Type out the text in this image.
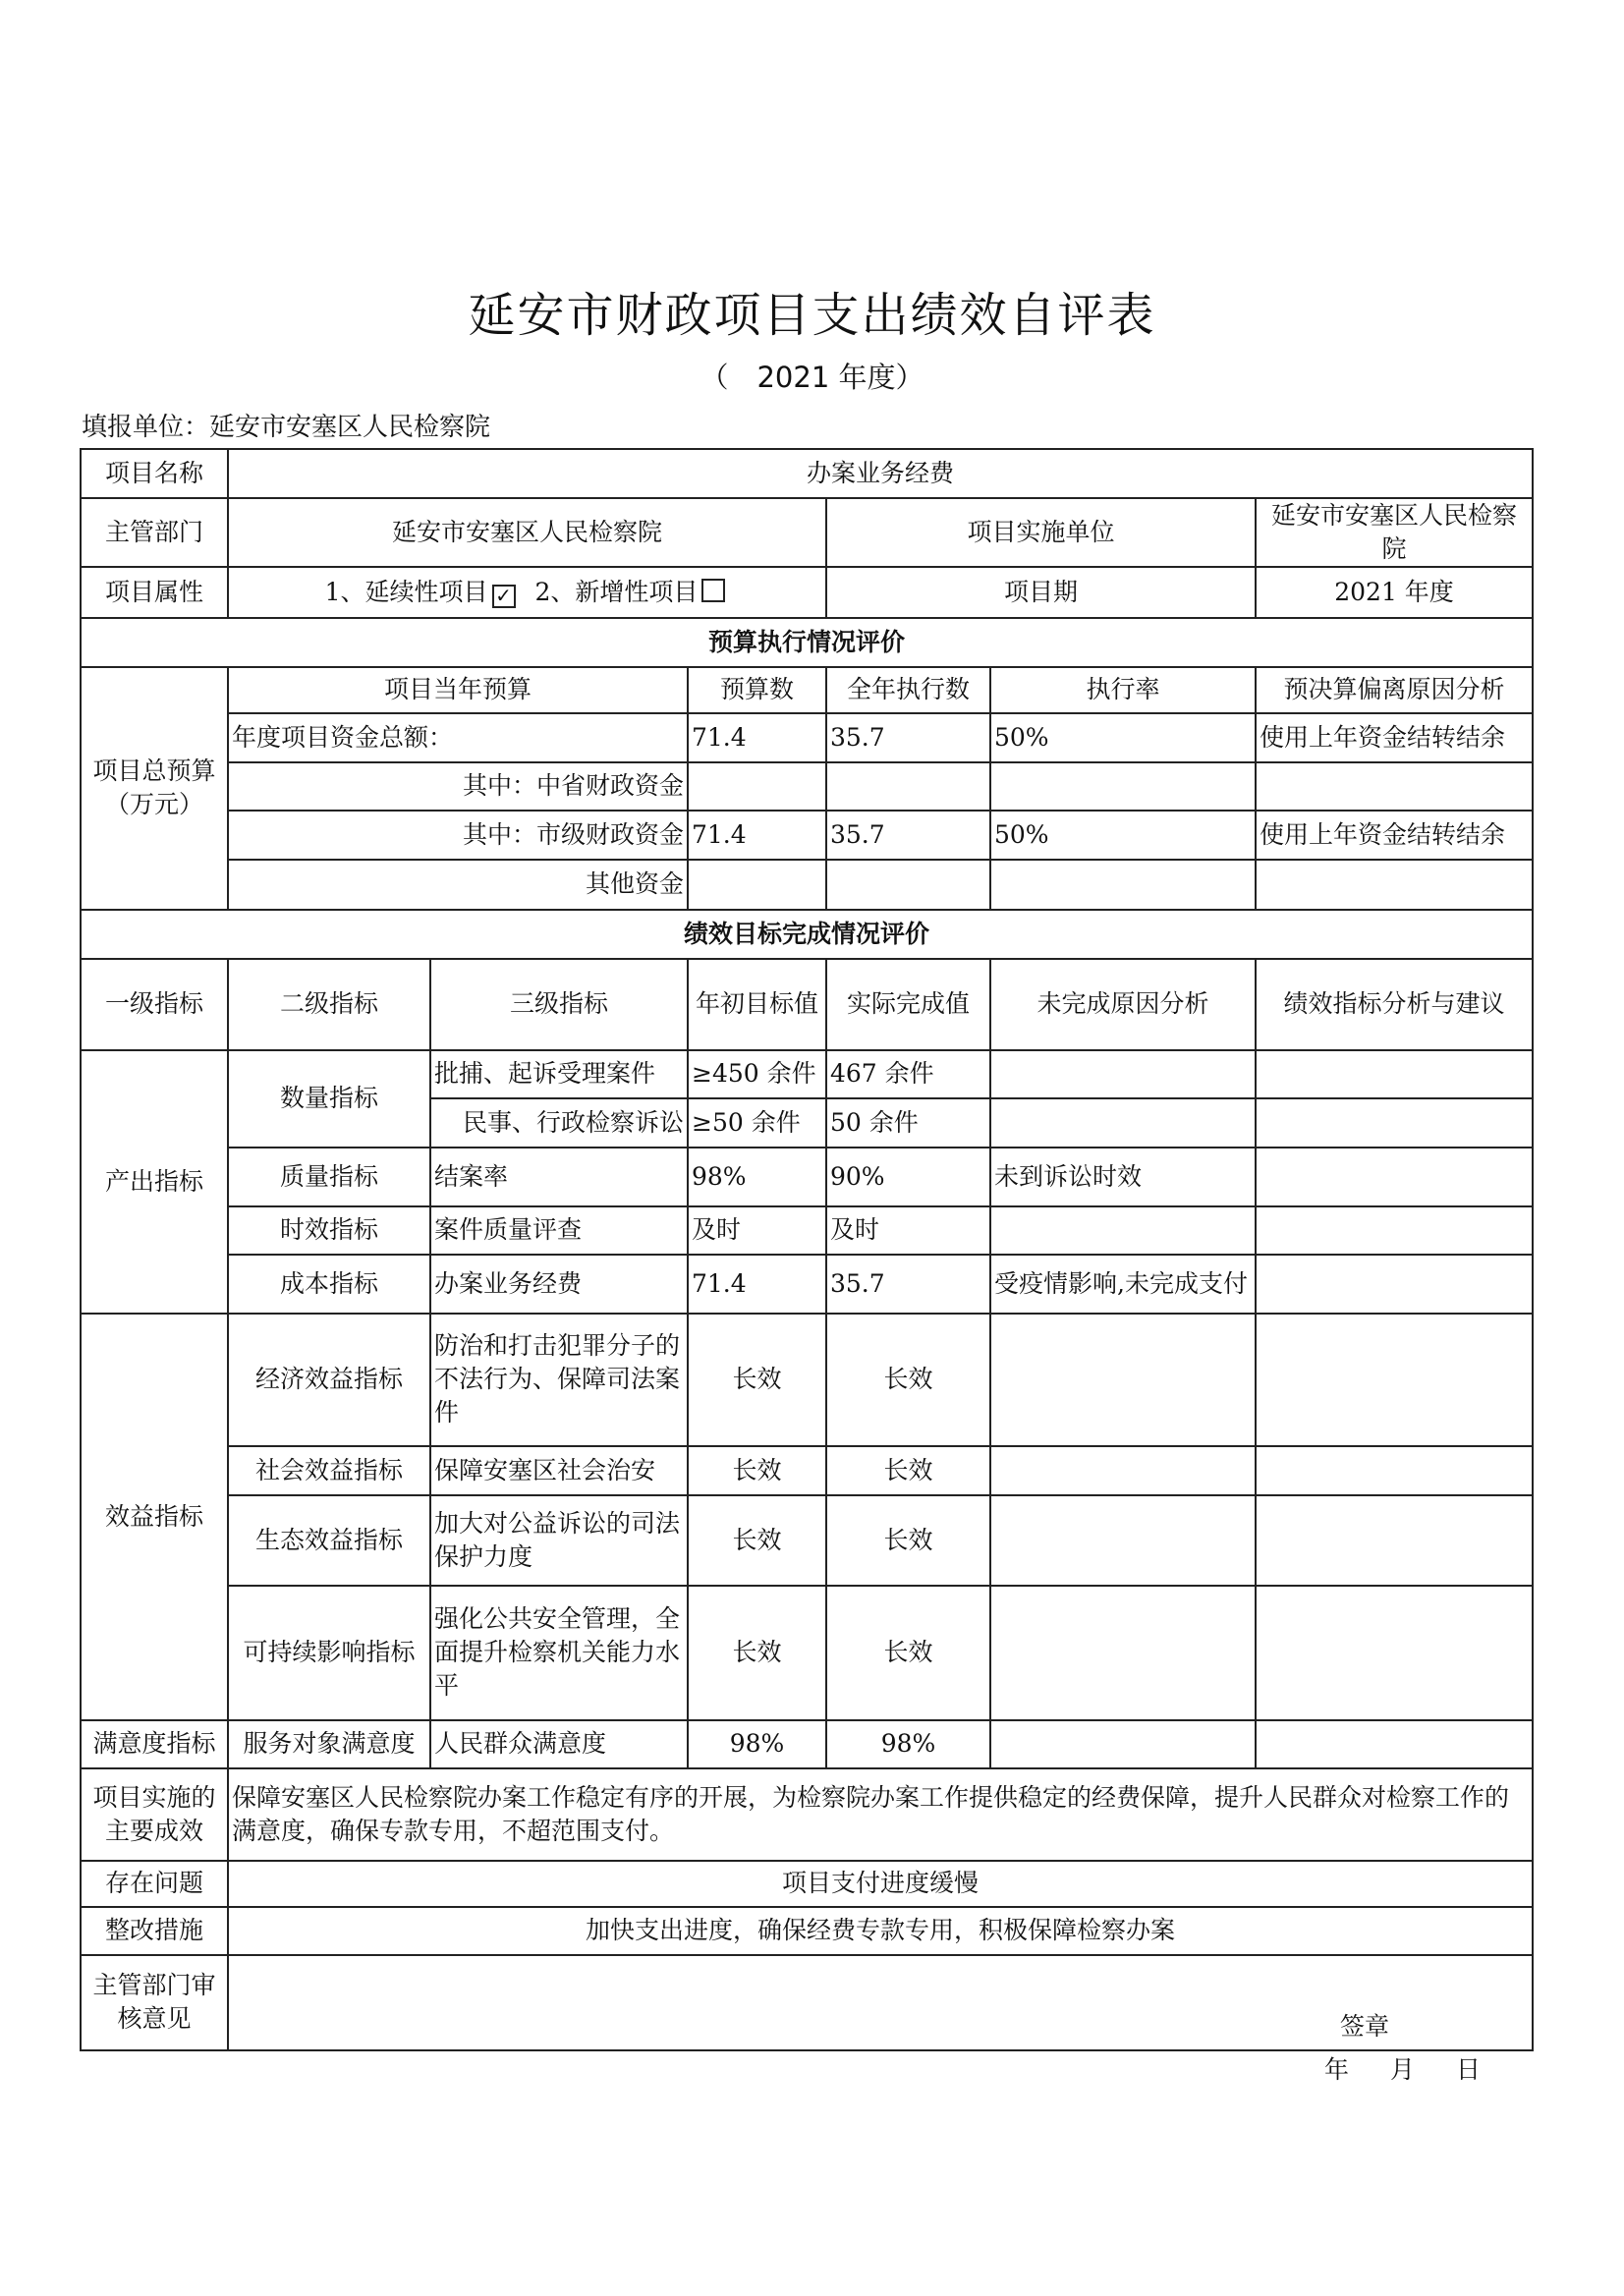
延安市财政项目支出绩效自评表
（　2021 年度）
填报单位：延安市安塞区人民检察院
项目名称	办案业务经费					
主管部门	延安市安塞区人民检察院			项目实施单位		延安市安塞区人民检察院
项目属性	1、延续性项目 ✓ 2、新增性项目			项目期		2021 年度
预算执行情况评价						
项目总预算（万元）	项目当年预算		预算数	全年执行数	执行率	预决算偏离原因分析
	年度项目资金总额：		71.4	35.7	50%	使用上年资金结转结余
	其中：中省财政资金					
	其中：市级财政资金		71.4	35.7	50%	使用上年资金结转结余
	其他资金					
绩效目标完成情况评价						
一级指标	二级指标	三级指标	年初目标值	实际完成值	未完成原因分析	绩效指标分析与建议
产出指标	数量指标	批捕、起诉受理案件	≥450 余件	467 余件		
		民事、行政检察诉讼	≥50 余件	50 余件		
	质量指标	结案率	98%	90%	未到诉讼时效	
	时效指标	案件质量评查	及时	及时		
	成本指标	办案业务经费	71.4	35.7	受疫情影响,未完成支付	
效益指标	经济效益指标	防治和打击犯罪分子的不法行为、保障司法案件	长效	长效		
	社会效益指标	保障安塞区社会治安	长效	长效		
	生态效益指标	加大对公益诉讼的司法保护力度	长效	长效		
	可持续影响指标	强化公共安全管理，全面提升检察机关能力水平	长效	长效		
满意度指标	服务对象满意度	人民群众满意度	98%	98%		
项目实施的主要成效	保障安塞区人民检察院办案工作稳定有序的开展，为检察院办案工作提供稳定的经费保障，提升人民群众对检察工作的满意度，确保专款专用，不超范围支付。					
存在问题	项目支付进度缓慢					
整改措施	加快支出进度，确保经费专款专用，积极保障检察办案					
主管部门审核意见	签章
年 月 日					
